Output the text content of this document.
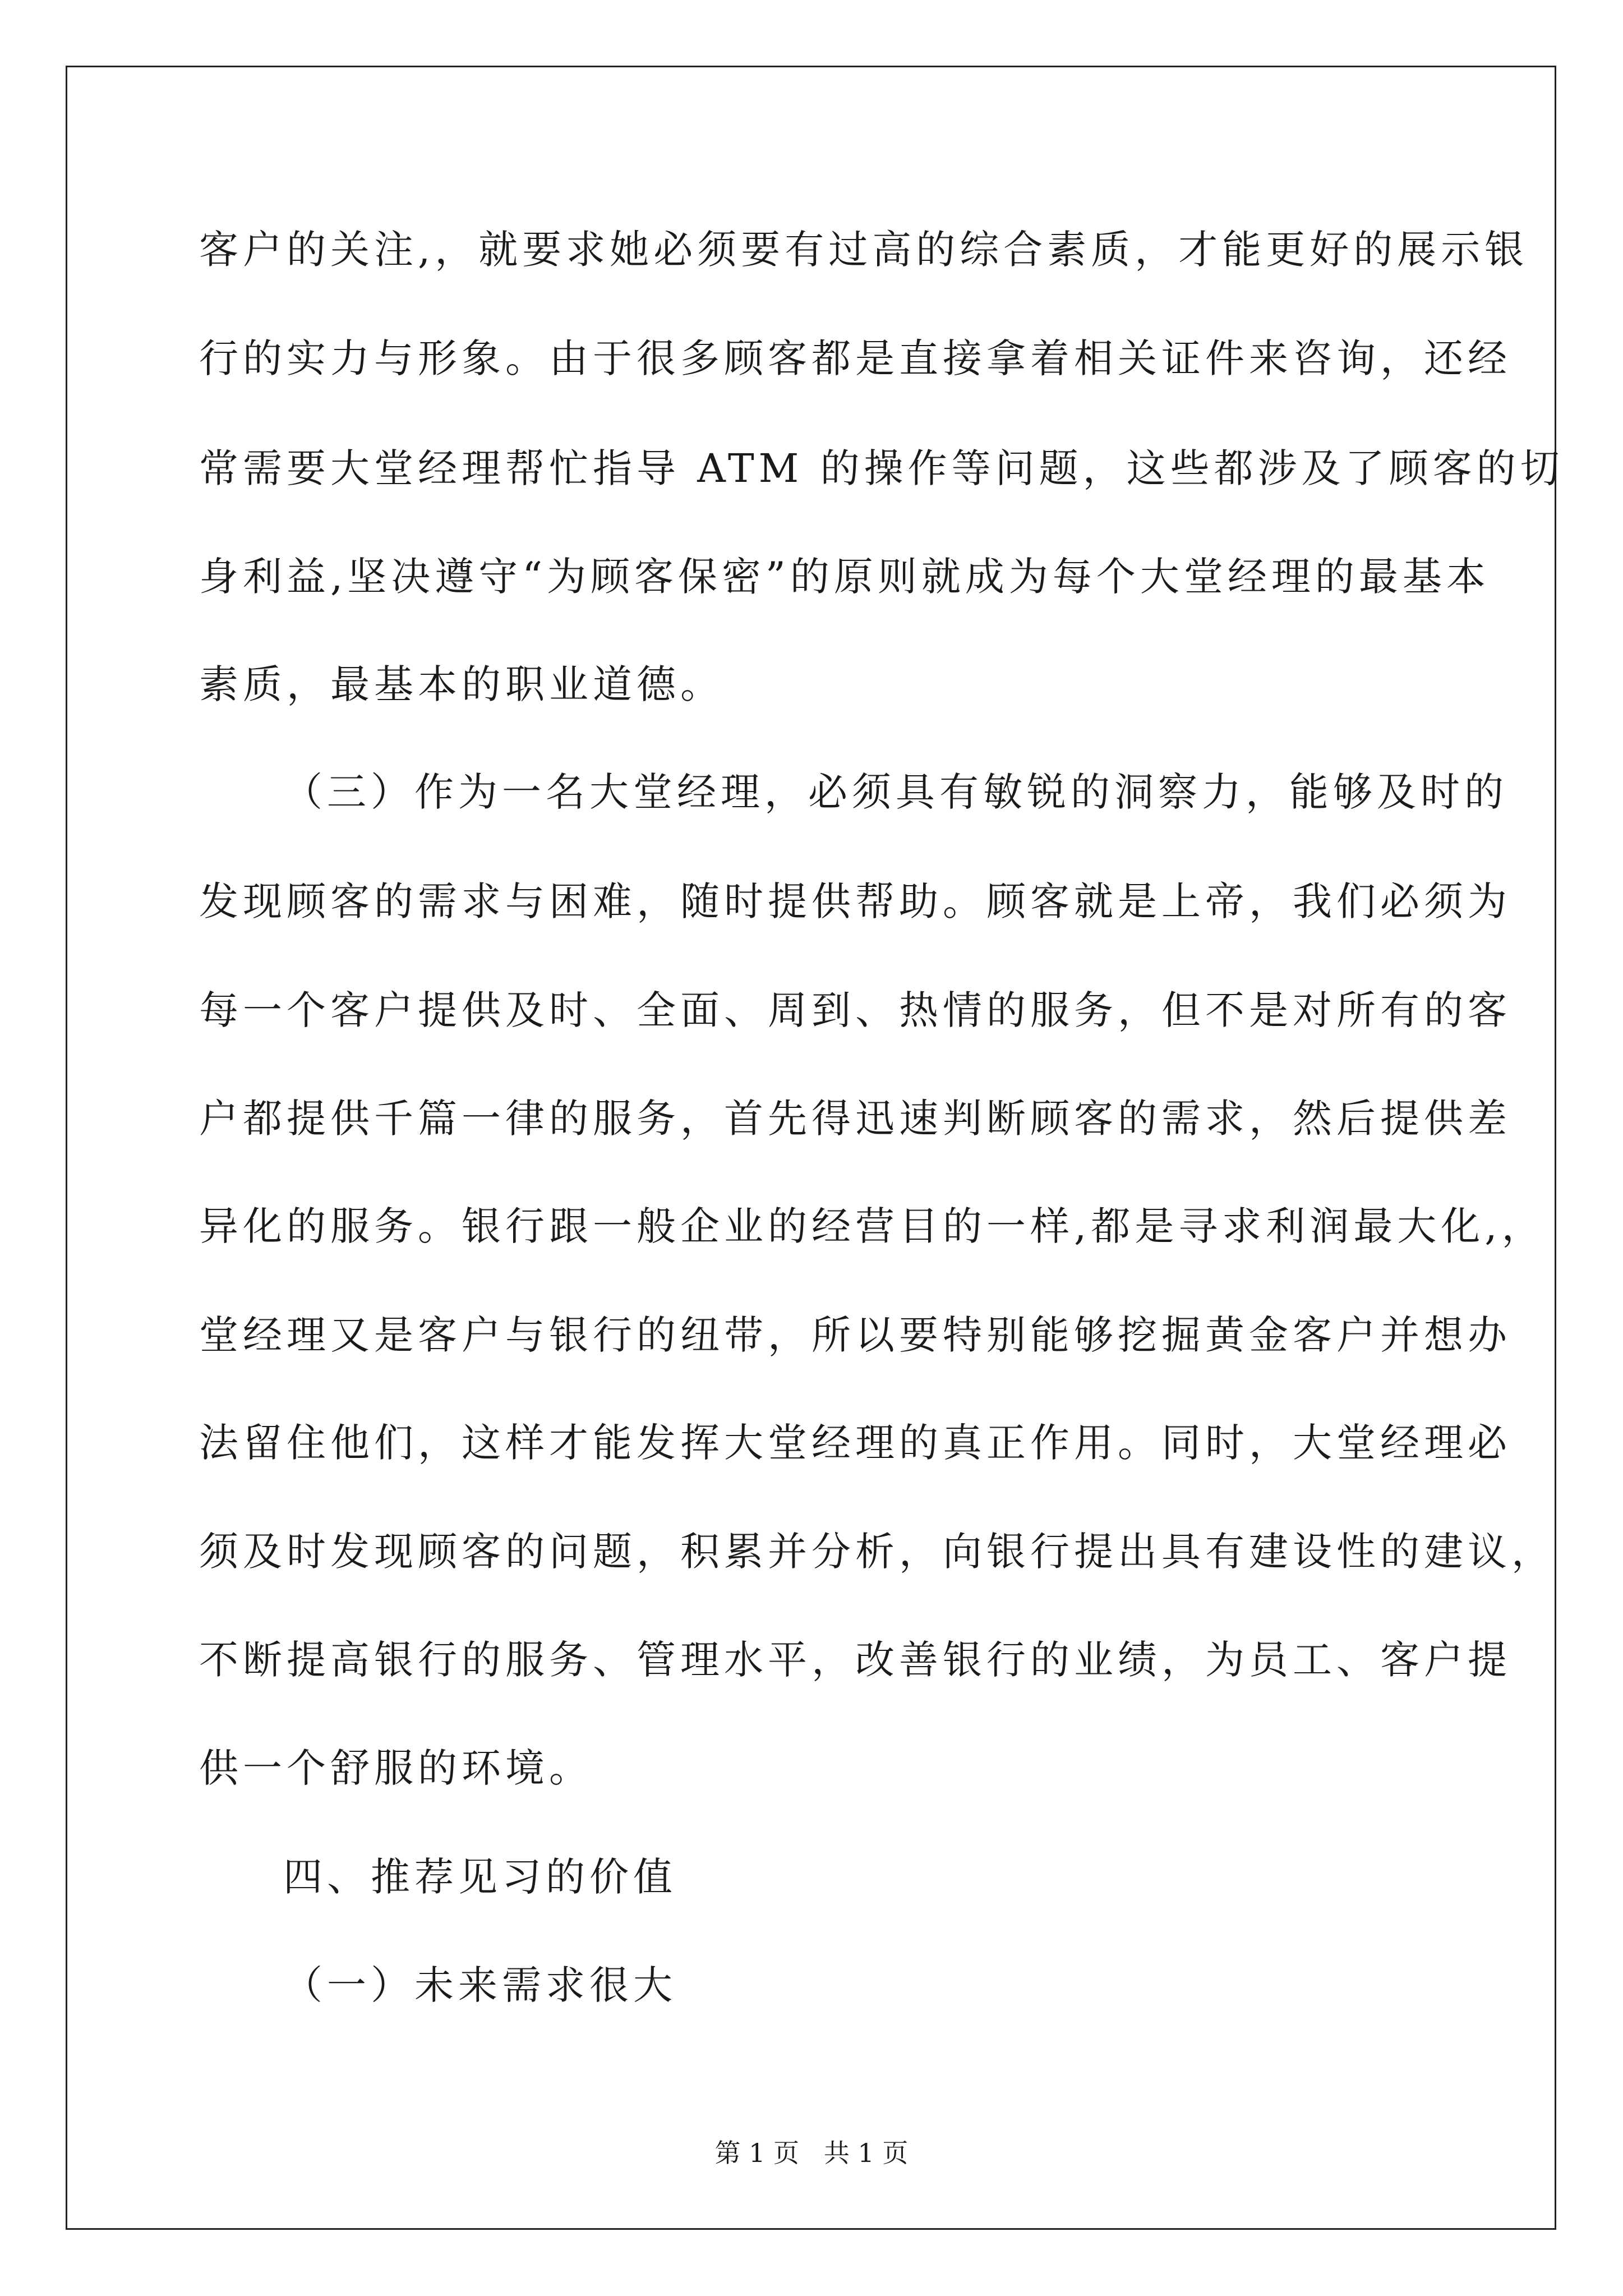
客户的关注,，就要求她必须要有过高的综合素质，才能更好的展示银
行的实力与形象。由于很多顾客都是直接拿着相关证件来咨询，还经
常需要大堂经理帮忙指导 ATM 的操作等问题，这些都涉及了顾客的切
身利益,坚决遵守“为顾客保密”的原则就成为每个大堂经理的最基本
素质，最基本的职业道德。
（三）作为一名大堂经理，必须具有敏锐的洞察力，能够及时的
发现顾客的需求与困难，随时提供帮助。顾客就是上帝，我们必须为
每一个客户提供及时、全面、周到、热情的服务，但不是对所有的客
户都提供千篇一律的服务，首先得迅速判断顾客的需求，然后提供差
异化的服务。银行跟一般企业的经营目的一样,都是寻求利润最大化,，
堂经理又是客户与银行的纽带，所以要特别能够挖掘黄金客户并想办
法留住他们，这样才能发挥大堂经理的真正作用。同时，大堂经理必
须及时发现顾客的问题，积累并分析，向银行提出具有建设性的建议，
不断提高银行的服务、管理水平，改善银行的业绩，为员工、客户提
供一个舒服的环境。
四、推荐见习的价值
（一）未来需求很大
第 1 页   共 1 页
